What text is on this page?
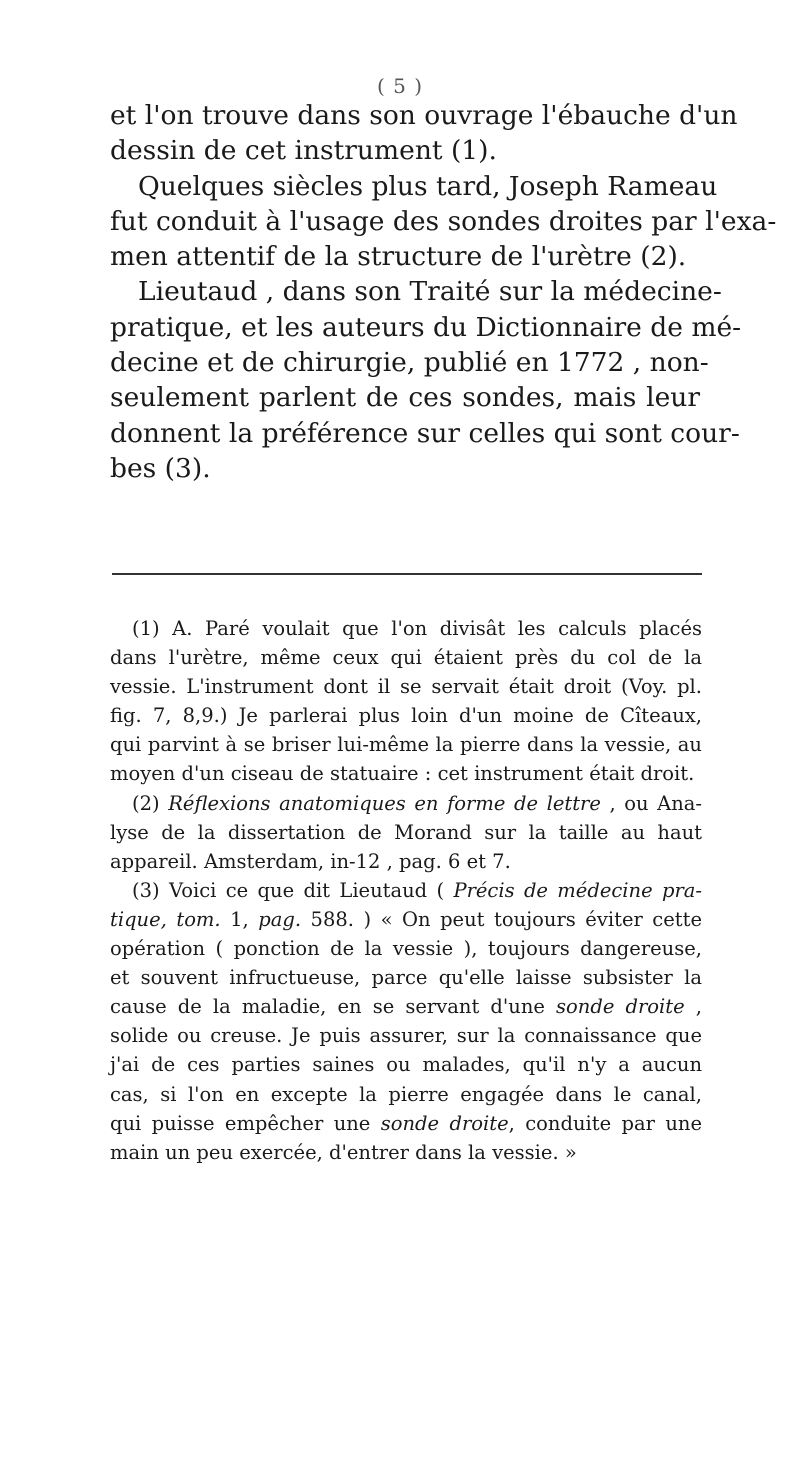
( 5 )
et l'on trouve dans son ouvrage l'ébauche d'un
dessin de cet instrument (1).
Quelques siècles plus tard, Joseph Rameau
fut conduit à l'usage des sondes droites par l'exa-
men attentif de la structure de l'urètre (2).
Lieutaud , dans son Traité sur la médecine-
pratique, et les auteurs du Dictionnaire de mé-
decine et de chirurgie, publié en 1772 , non-
seulement parlent de ces sondes, mais leur
donnent la préférence sur celles qui sont cour-
bes (3).
(1) A. Paré voulait que l'on divisât les calculs placés
dans l'urètre, même ceux qui étaient près du col de la
vessie. L'instrument dont il se servait était droit (Voy. pl.
fig. 7, 8,9.) Je parlerai plus loin d'un moine de Cîteaux,
qui parvint à se briser lui-même la pierre dans la vessie, au
moyen d'un ciseau de statuaire : cet instrument était droit.
(2) Réflexions anatomiques en forme de lettre , ou Ana-
lyse de la dissertation de Morand sur la taille au haut
appareil. Amsterdam, in-12 , pag. 6 et 7.
(3) Voici ce que dit Lieutaud ( Précis de médecine pra-
tique, tom. 1, pag. 588. ) « On peut toujours éviter cette
opération ( ponction de la vessie ), toujours dangereuse,
et souvent infructueuse, parce qu'elle laisse subsister la
cause de la maladie, en se servant d'une sonde droite ,
solide ou creuse. Je puis assurer, sur la connaissance que
j'ai de ces parties saines ou malades, qu'il n'y a aucun
cas, si l'on en excepte la pierre engagée dans le canal,
qui puisse empêcher une sonde droite, conduite par une
main un peu exercée, d'entrer dans la vessie. »
